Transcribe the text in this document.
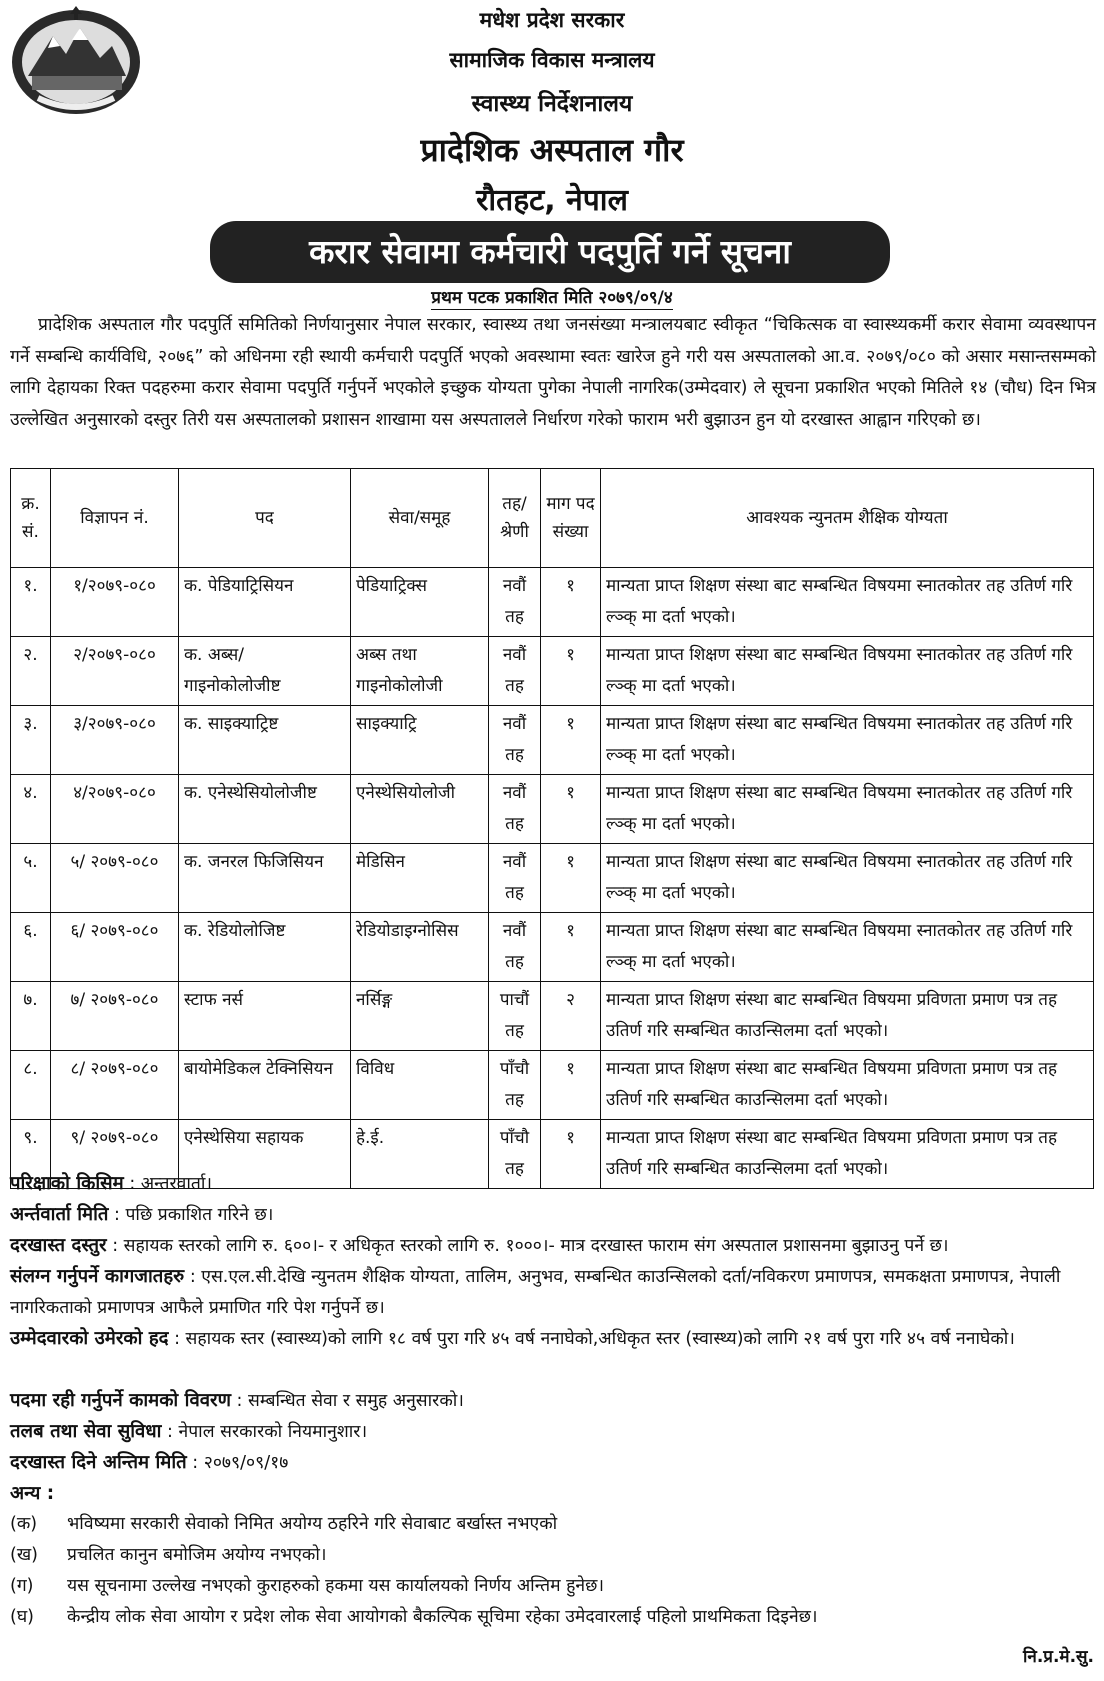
मधेश प्रदेश सरकार
सामाजिक विकास मन्त्रालय
स्वास्थ्य निर्देशनालय
प्रादेशिक अस्पताल गौर
रौतहट, नेपाल
करार सेवामा कर्मचारी पदपुर्ति गर्ने सूचना
प्रथम पटक प्रकाशित मिति २०७९/०९/४
प्रादेशिक अस्पताल गौर पदपुर्ति समितिको निर्णयानुसार नेपाल सरकार, स्वास्थ्य तथा जनसंख्या मन्त्रालयबाट स्वीकृत “चिकित्सक वा स्वास्थ्यकर्मी करार सेवामा व्यवस्थापन गर्ने सम्बन्धि कार्यविधि, २०७६” को अधिनमा रही स्थायी कर्मचारी पदपुर्ति भएको अवस्थामा स्वतः खारेज हुने गरी यस अस्पतालको आ.व. २०७९/०८० को असार मसान्तसम्मको लागि देहायका रिक्त पदहरुमा करार सेवामा पदपुर्ति गर्नुपर्ने भएकोले इच्छुक योग्यता पुगेका नेपाली नागरिक(उम्मेदवार) ले सूचना प्रकाशित भएको मितिले १४ (चौध) दिन भित्र उल्लेखित अनुसारको दस्तुर तिरी यस अस्पतालको प्रशासन शाखामा यस अस्पतालले निर्धारण गरेको फाराम भरी बुझाउन हुन यो दरखास्त आह्वान गरिएको छ।
क्र. सं.	विज्ञापन नं.	पद	सेवा/समूह	तह/ श्रेणी	माग पद संख्या	आवश्यक न्युनतम शैक्षिक योग्यता
१.	१/२०७९-०८०	क. पेडियाट्रिसियन	पेडियाट्रिक्स	नवौं तह	१	मान्यता प्राप्त शिक्षण संस्था बाट सम्बन्धित विषयमा स्नातकोतर तह उतिर्ण गरि ल्ञ्क् मा दर्ता भएको।
२.	२/२०७९-०८०	क. अब्स/ गाइनोकोलोजीष्ट	अब्स तथा गाइनोकोलोजी	नवौं तह	१	मान्यता प्राप्त शिक्षण संस्था बाट सम्बन्धित विषयमा स्नातकोतर तह उतिर्ण गरि ल्ञ्क् मा दर्ता भएको।
३.	३/२०७९-०८०	क. साइक्याट्रिष्ट	साइक्याट्रि	नवौं तह	१	मान्यता प्राप्त शिक्षण संस्था बाट सम्बन्धित विषयमा स्नातकोतर तह उतिर्ण गरि ल्ञ्क् मा दर्ता भएको।
४.	४/२०७९-०८०	क. एनेस्थेसियोलोजीष्ट	एनेस्थेसियोलोजी	नवौं तह	१	मान्यता प्राप्त शिक्षण संस्था बाट सम्बन्धित विषयमा स्नातकोतर तह उतिर्ण गरि ल्ञ्क् मा दर्ता भएको।
५.	५/ २०७९-०८०	क. जनरल फिजिसियन	मेडिसिन	नवौं तह	१	मान्यता प्राप्त शिक्षण संस्था बाट सम्बन्धित विषयमा स्नातकोतर तह उतिर्ण गरि ल्ञ्क् मा दर्ता भएको।
६.	६/ २०७९-०८०	क. रेडियोलोजिष्ट	रेडियोडाइग्नोसिस	नवौं तह	१	मान्यता प्राप्त शिक्षण संस्था बाट सम्बन्धित विषयमा स्नातकोतर तह उतिर्ण गरि ल्ञ्क् मा दर्ता भएको।
७.	७/ २०७९-०८०	स्टाफ नर्स	नर्सिङ्ग	पाचौं तह	२	मान्यता प्राप्त शिक्षण संस्था बाट सम्बन्धित विषयमा प्रविणता प्रमाण पत्र तह उतिर्ण गरि सम्बन्धित काउन्सिलमा दर्ता भएको।
८.	८/ २०७९-०८०	बायोमेडिकल टेक्निसियन	विविध	पाँचौ तह	१	मान्यता प्राप्त शिक्षण संस्था बाट सम्बन्धित विषयमा प्रविणता प्रमाण पत्र तह उतिर्ण गरि सम्बन्धित काउन्सिलमा दर्ता भएको।
९.	९/ २०७९-०८०	एनेस्थेसिया सहायक	हे.ई.	पाँचौ तह	१	मान्यता प्राप्त शिक्षण संस्था बाट सम्बन्धित विषयमा प्रविणता प्रमाण पत्र तह उतिर्ण गरि सम्बन्धित काउन्सिलमा दर्ता भएको।
परिक्षाको किसिम : अन्तरवार्ता।
अर्न्तवार्ता मिति : पछि प्रकाशित गरिने छ।
दरखास्त दस्तुर : सहायक स्तरको लागि रु. ६००।- र अधिकृत स्तरको लागि रु. १०००।- मात्र दरखास्त फाराम संग अस्पताल प्रशासनमा बुझाउनु पर्ने छ।
संलग्न गर्नुपर्ने कागजातहरु : एस.एल.सी.देखि न्युनतम शैक्षिक योग्यता, तालिम, अनुभव, सम्बन्धित काउन्सिलको दर्ता/नविकरण प्रमाणपत्र, समकक्षता प्रमाणपत्र, नेपाली नागरिकताको प्रमाणपत्र आफैले प्रमाणित गरि पेश गर्नुपर्ने छ।
उम्मेदवारको उमेरको हद : सहायक स्तर (स्वास्थ्य)को लागि १८ वर्ष पुरा गरि ४५ वर्ष ननाघेको,अधिकृत स्तर (स्वास्थ्य)को लागि २१ वर्ष पुरा गरि ४५ वर्ष ननाघेको।
पदमा रही गर्नुपर्ने कामको विवरण : सम्बन्धित सेवा र समुह अनुसारको।
तलब तथा सेवा सुविधा : नेपाल सरकारको नियमानुशार।
दरखास्त दिने अन्तिम मिति : २०७९/०९/१७
अन्य :
(क) भविष्यमा सरकारी सेवाको निमित अयोग्य ठहरिने गरि सेवाबाट बर्खास्त नभएको
(ख) प्रचलित कानुन बमोजिम अयोग्य नभएको।
(ग) यस सूचनामा उल्लेख नभएको कुराहरुको हकमा यस कार्यालयको निर्णय अन्तिम हुनेछ।
(घ) केन्द्रीय लोक सेवा आयोग र प्रदेश लोक सेवा आयोगको बैकल्पिक सूचिमा रहेका उमेदवारलाई पहिलो प्राथमिकता दिइनेछ।
नि.प्र.मे.सु.
